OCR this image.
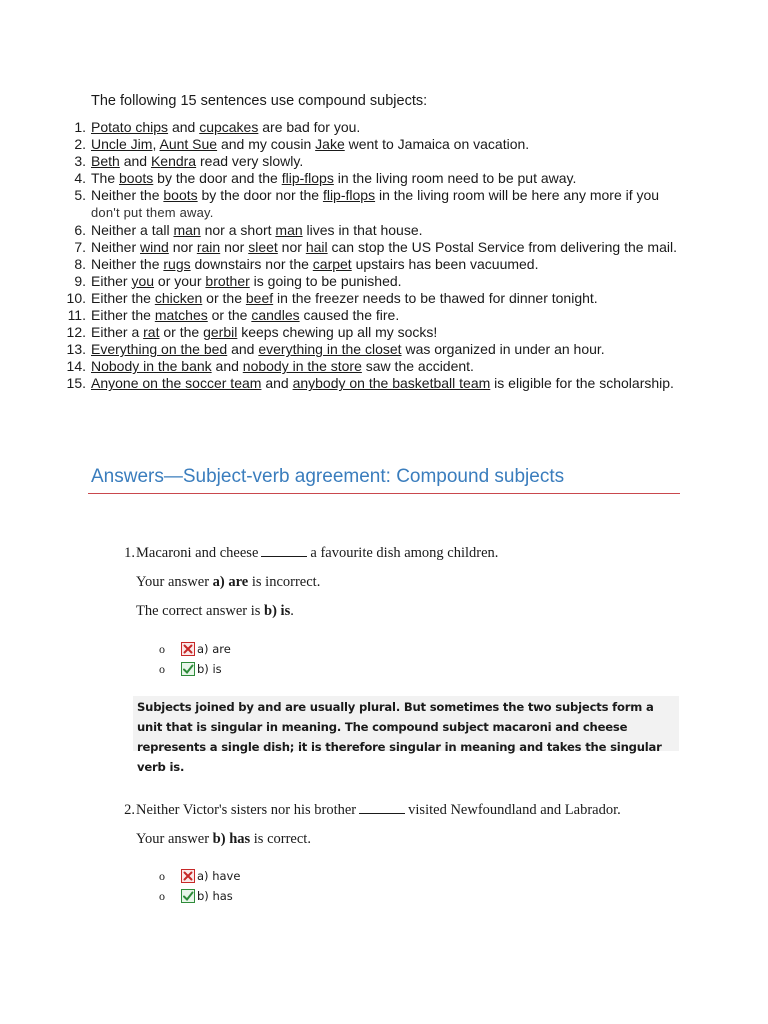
The following 15 sentences use compound subjects:
1. Potato chips and cupcakes are bad for you.
2. Uncle Jim, Aunt Sue and my cousin Jake went to Jamaica on vacation.
3. Beth and Kendra read very slowly.
4. The boots by the door and the flip-flops in the living room need to be put away.
5. Neither the boots by the door nor the flip-flops in the living room will be here any more if you don't put them away.
6. Neither a tall man nor a short man lives in that house.
7. Neither wind nor rain nor sleet nor hail can stop the US Postal Service from delivering the mail.
8. Neither the rugs downstairs nor the carpet upstairs has been vacuumed.
9. Either you or your brother is going to be punished.
10. Either the chicken or the beef in the freezer needs to be thawed for dinner tonight.
11. Either the matches or the candles caused the fire.
12. Either a rat or the gerbil keeps chewing up all my socks!
13. Everything on the bed and everything in the closet was organized in under an hour.
14. Nobody in the bank and nobody in the store saw the accident.
15. Anyone on the soccer team and anybody on the basketball team is eligible for the scholarship.
Answers—Subject-verb agreement: Compound subjects
1. Macaroni and cheese	a favourite dish among children.
Your answer a) are is incorrect.
The correct answer is b) is.
o	a) are
o	b) is
Subjects joined by and are usually plural. But sometimes the two subjects form a unit that is singular in meaning. The compound subject macaroni and cheese represents a single dish; it is therefore singular in meaning and takes the singular verb is.
2. Neither Victor's sisters nor his brother	visited Newfoundland and Labrador.
Your answer b) has is correct.
o	a) have
o	b) has
